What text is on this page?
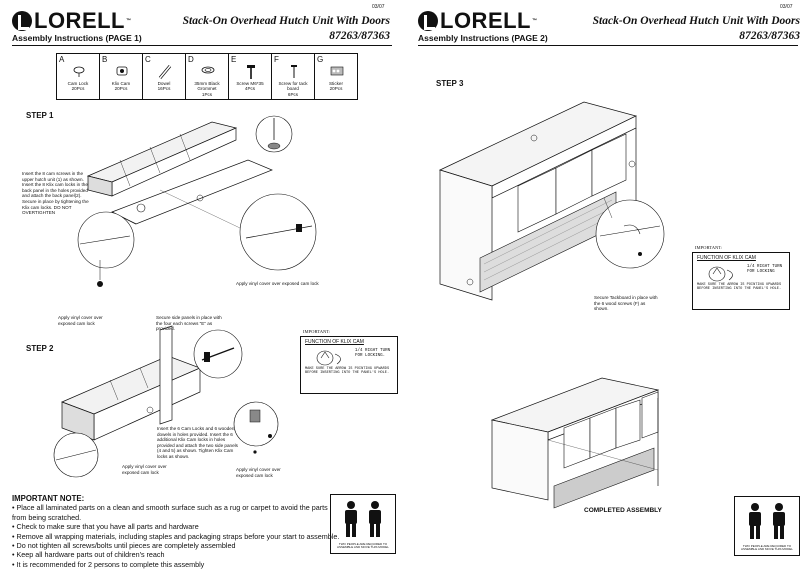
03/07
LORELL ™
Assembly Instructions (PAGE 1)
Stack-On Overhead Hutch Unit With Doors
87263/87363
A
Cam Lock
20Pcs
B
Klix Cam
20Pcs
C
Dowel
16Pcs
D
35mm Black Grommet
1Pcs
E
Screw M6*35
4Pcs
F
Screw for tack board
6Pcs
G
Sticker
20Pcs
STEP 1
Insert the 8 cam screws in the upper hutch unit (1) as shown. Insert the 8 Klix cam locks in the back panel in the holes provided and attach the back panel(2). Secure in place by tightening the Klix cam locks. DO NOT OVERTIGHTEN
Apply vinyl cover over exposed cam lock
Apply vinyl cover over exposed cam lock
STEP 2
Secure side panels in place with the four each screws "E" as provided.
Insert the 6 Cam Locks and 6 wooden dowels in holes provided. Insert the 6 additional Klix Cam locks in holes provided and attach the two side panels (4 and 5) as shown. Tighten Klix Cam locks as shown.
Apply vinyl cover over exposed cam lock
Apply vinyl cover over exposed cam lock
IMPORTANT:
FUNCTION OF KLIX CAM
1/4 RIGHT TURN FOR LOCKING.
MAKE SURE THE ARROW IS POINTING UPWARDS BEFORE INSERTING INTO THE PANEL'S HOLE.
IMPORTANT NOTE:
• Place all laminated parts on a clean and smooth surface such as a rug or carpet to avoid the parts from being scratched.
• Check to make sure that you have all parts and hardware
• Remove all wrapping materials, including staples and packaging straps before your start to assemble.
• Do not tighten all screws/bolts until pieces are completely assembled
• Keep all hardware parts out of children's reach
• It is recommended for 2 persons to complete this assembly
TWO PEOPLE ARE REQUIRED TO ASSEMBLE AND MOVE THIS MODEL
03/07
LORELL ™
Assembly Instructions (PAGE 2)
Stack-On Overhead Hutch Unit With Doors
87263/87363
STEP 3
Secure Tackboard in place with the 6 wood screws (F) as shown.
IMPORTANT:
FUNCTION OF KLIX CAM
1/4 RIGHT TURN FOR LOCKING
MAKE SURE THE ARROW IS POINTING UPWARDS BEFORE INSERTING INTO THE PANEL'S HOLE.
COMPLETED ASSEMBLY
TWO PEOPLE ARE REQUIRED TO ASSEMBLE AND MOVE THIS MODEL
